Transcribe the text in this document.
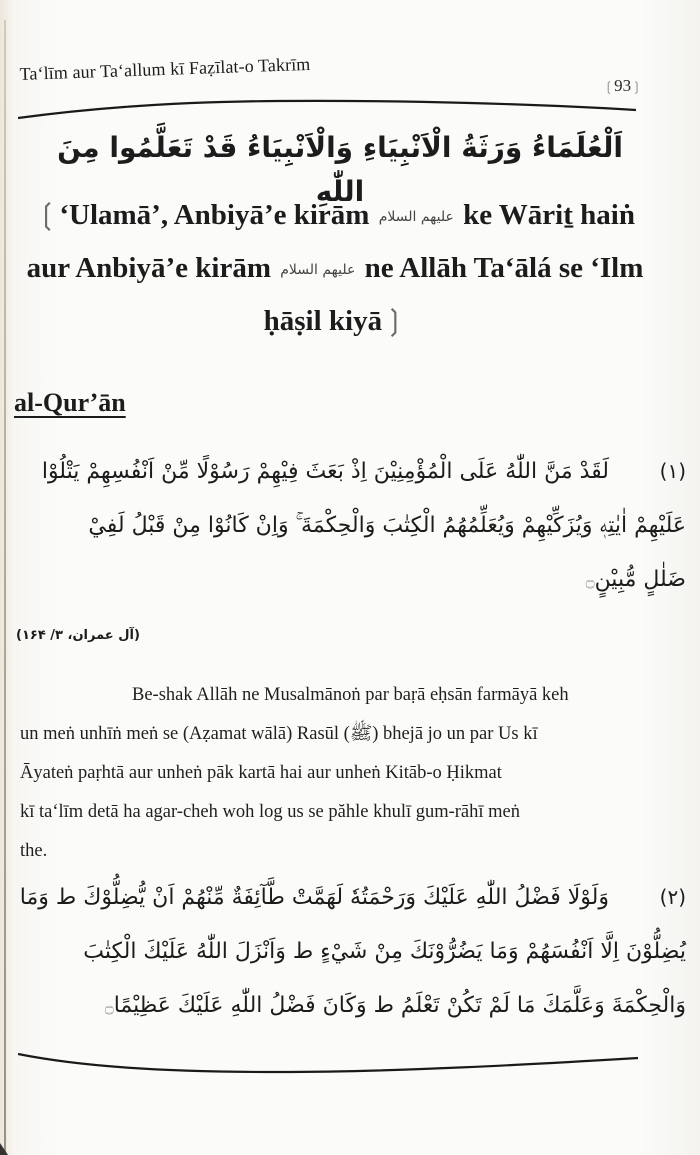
Ta‘līm aur Ta‘allum kī Faẓīlat-o Takrīm
❲93❳
اَلْعُلَمَاءُ وَرَثَةُ الْاَنْبِيَاءِ وَالْاَنْبِيَاءُ قَدْ تَعَلَّمُوا مِنَ اللّٰهِ
❲‘Ulamā’, Anbiyā’e kirām عليهم السلام ke Wāriṯ haiṅ
aur Anbiyā’e kirām عليهم السلام ne Allāh Ta‘ālá se ‘Ilm
ḥāṣil kiyā❳
al-Qur’ān
(١) لَقَدْ مَنَّ اللّٰهُ عَلَى الْمُؤْمِنِيْنَ اِذْ بَعَثَ فِيْهِمْ رَسُوْلًا مِّنْ اَنْفُسِهِمْ يَتْلُوْا
عَلَيْهِمْ اٰيٰتِهٖ وَيُزَكِّيْهِمْ وَيُعَلِّمُهُمُ الْكِتٰبَ وَالْحِكْمَةَ ۚ وَاِنْ كَانُوْا مِنْ قَبْلُ لَفِيْ
ضَلٰلٍ مُّبِيْنٍ۝
(آل عمران، ۳/ ۱۶۴)
Be-shak Allāh ne Musalmānoṅ par baṛā eḥsān farmāyā keh
un meṅ unhīṅ meṅ se (Aẓamat wālā) Rasūl (ﷺ) bhejā jo un par Us kī
Āyateṅ paṛhtā aur unheṅ pāk kartā hai aur unheṅ Kitāb-o Ḥikmat
kī ta‘līm detā ha agar-cheh woh log us se păhle khulī gum-rāhī meṅ
the.
(٢) وَلَوْلَا فَضْلُ اللّٰهِ عَلَيْكَ وَرَحْمَتُهٗ لَهَمَّتْ طَّآئِفَةٌ مِّنْهُمْ اَنْ يُّضِلُّوْكَ ط وَمَا
يُضِلُّوْنَ اِلَّا اَنْفُسَهُمْ وَمَا يَضُرُّوْنَكَ مِنْ شَيْءٍ ط وَاَنْزَلَ اللّٰهُ عَلَيْكَ الْكِتٰبَ
وَالْحِكْمَةَ وَعَلَّمَكَ مَا لَمْ تَكُنْ تَعْلَمُ ط وَكَانَ فَضْلُ اللّٰهِ عَلَيْكَ عَظِيْمًا۝
